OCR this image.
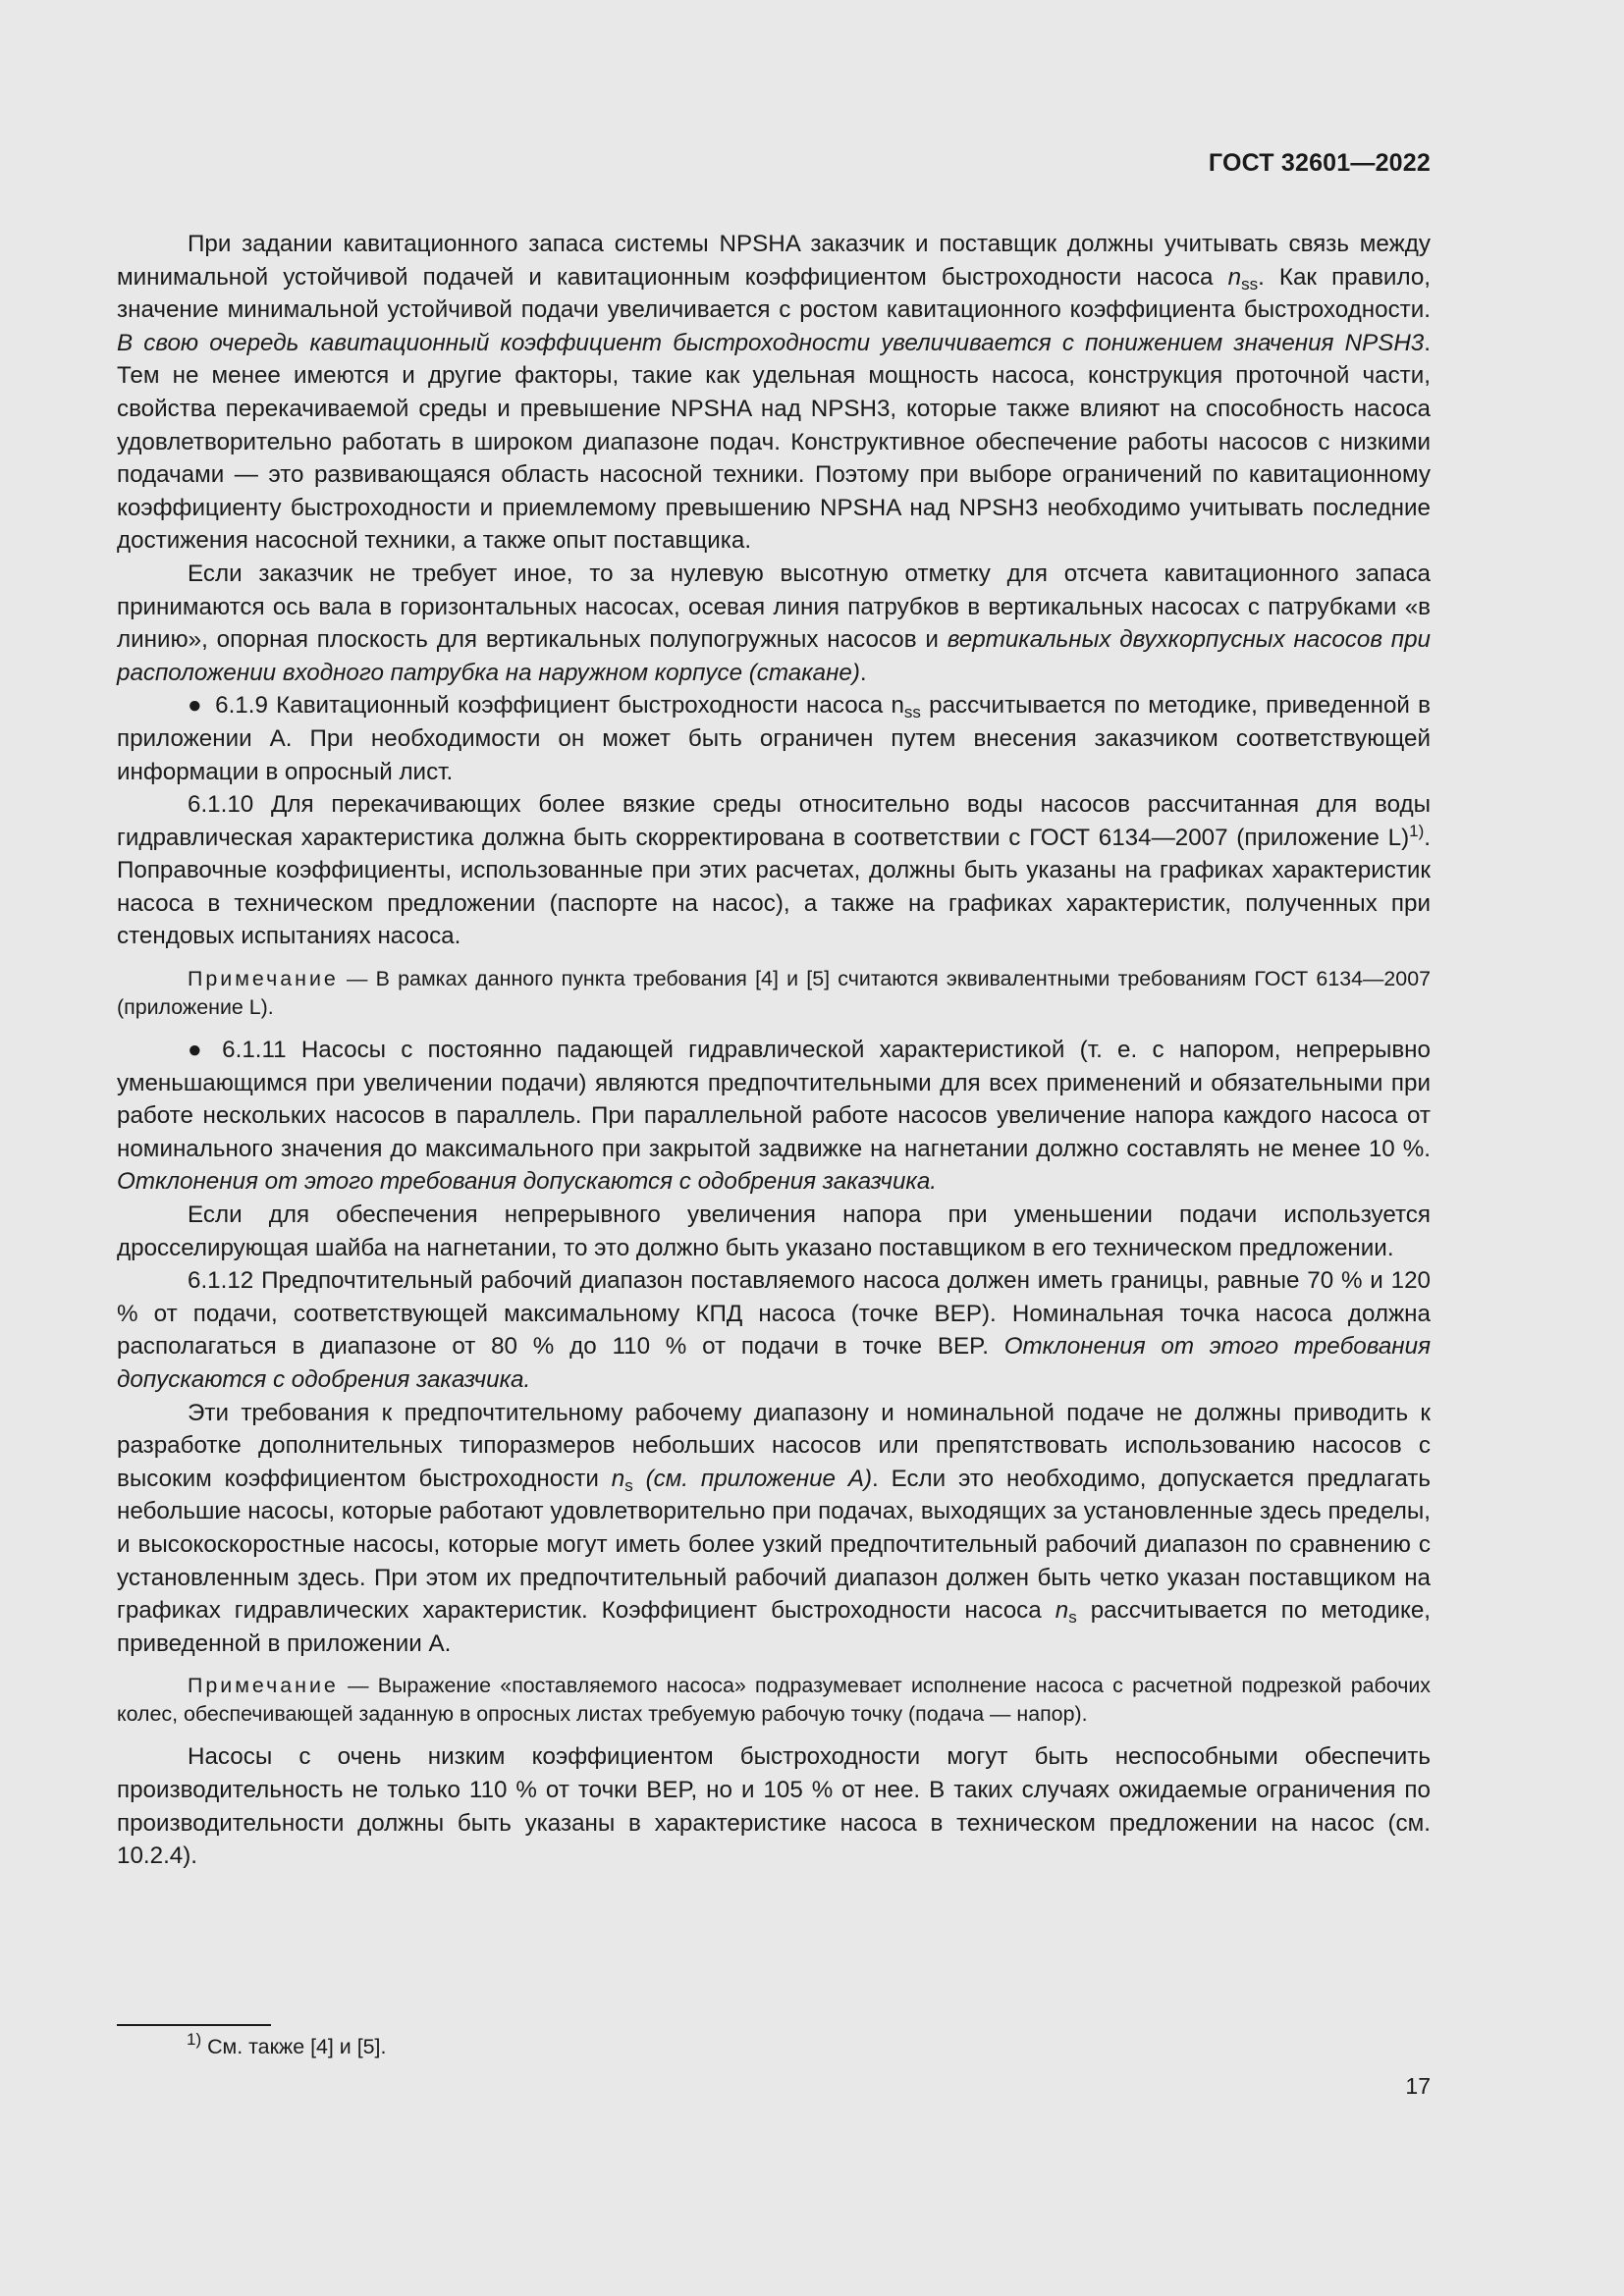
ГОСТ 32601—2022

При задании кавитационного запаса системы NPSHA заказчик и поставщик должны учитывать связь между минимальной устойчивой подачей и кавитационным коэффициентом быстроходности насоса $n_{ss}$. Как правило, значение минимальной устойчивой подачи увеличивается с ростом кавитационного коэффициента быстроходности. В свою очередь кавитационный коэффициент быстроходности увеличивается с понижением значения NPSH3. Тем не менее имеются и другие факторы, такие как удельная мощность насоса, конструкция проточной части, свойства перекачиваемой среды и превышение NPSHA над NPSH3, которые также влияют на способность насоса удовлетворительно работать в широком диапазоне подач. Конструктивное обеспечение работы насосов с низкими подачами — это развивающаяся область насосной техники. Поэтому при выборе ограничений по кавитационному коэффициенту быстроходности и приемлемому превышению NPSHA над NPSH3 необходимо учитывать последние достижения насосной техники, а также опыт поставщика.

Если заказчик не требует иное, то за нулевую высотную отметку для отсчета кавитационного запаса принимаются ось вала в горизонтальных насосах, осевая линия патрубков в вертикальных насосах с патрубками «в линию», опорная плоскость для вертикальных полупогружных насосов и вертикальных двухкорпусных насосов при расположении входного патрубка на наружном корпусе (стакане).

● 6.1.9 Кавитационный коэффициент быстроходности насоса $n_{ss}$ рассчитывается по методике, приведенной в приложении А. При необходимости он может быть ограничен путем внесения заказчиком соответствующей информации в опросный лист.

6.1.10 Для перекачивающих более вязкие среды относительно воды насосов рассчитанная для воды гидравлическая характеристика должна быть скорректирована в соответствии с ГОСТ 6134—2007 (приложение L)$^{1)}$. Поправочные коэффициенты, использованные при этих расчетах, должны быть указаны на графиках характеристик насоса в техническом предложении (паспорте на насос), а также на графиках характеристик, полученных при стендовых испытаниях насоса.

Примечание — В рамках данного пункта требования [4] и [5] считаются эквивалентными требованиям ГОСТ 6134—2007 (приложение L).

● 6.1.11 Насосы с постоянно падающей гидравлической характеристикой (т. е. с напором, непрерывно уменьшающимся при увеличении подачи) являются предпочтительными для всех применений и обязательными при работе нескольких насосов в параллель. При параллельной работе насосов увеличение напора каждого насоса от номинального значения до максимального при закрытой задвижке на нагнетании должно составлять не менее 10 %. Отклонения от этого требования допускаются с одобрения заказчика.

Если для обеспечения непрерывного увеличения напора при уменьшении подачи используется дросселирующая шайба на нагнетании, то это должно быть указано поставщиком в его техническом предложении.

6.1.12 Предпочтительный рабочий диапазон поставляемого насоса должен иметь границы, равные 70 % и 120 % от подачи, соответствующей максимальному КПД насоса (точке BEP). Номинальная точка насоса должна располагаться в диапазоне от 80 % до 110 % от подачи в точке BEP. Отклонения от этого требования допускаются с одобрения заказчика.

Эти требования к предпочтительному рабочему диапазону и номинальной подаче не должны приводить к разработке дополнительных типоразмеров небольших насосов или препятствовать использованию насосов с высоким коэффициентом быстроходности $n_s$ (см. приложение А). Если это необходимо, допускается предлагать небольшие насосы, которые работают удовлетворительно при подачах, выходящих за установленные здесь пределы, и высокоскоростные насосы, которые могут иметь более узкий предпочтительный рабочий диапазон по сравнению с установленным здесь. При этом их предпочтительный рабочий диапазон должен быть четко указан поставщиком на графиках гидравлических характеристик. Коэффициент быстроходности насоса $n_s$ рассчитывается по методике, приведенной в приложении А.

Примечание — Выражение «поставляемого насоса» подразумевает исполнение насоса с расчетной подрезкой рабочих колес, обеспечивающей заданную в опросных листах требуемую рабочую точку (подача — напор).

Насосы с очень низким коэффициентом быстроходности могут быть неспособными обеспечить производительность не только 110 % от точки BEP, но и 105 % от нее. В таких случаях ожидаемые ограничения по производительности должны быть указаны в характеристике насоса в техническом предложении на насос (см. 10.2.4).

$^{1)}$ См. также [4] и [5].
17
